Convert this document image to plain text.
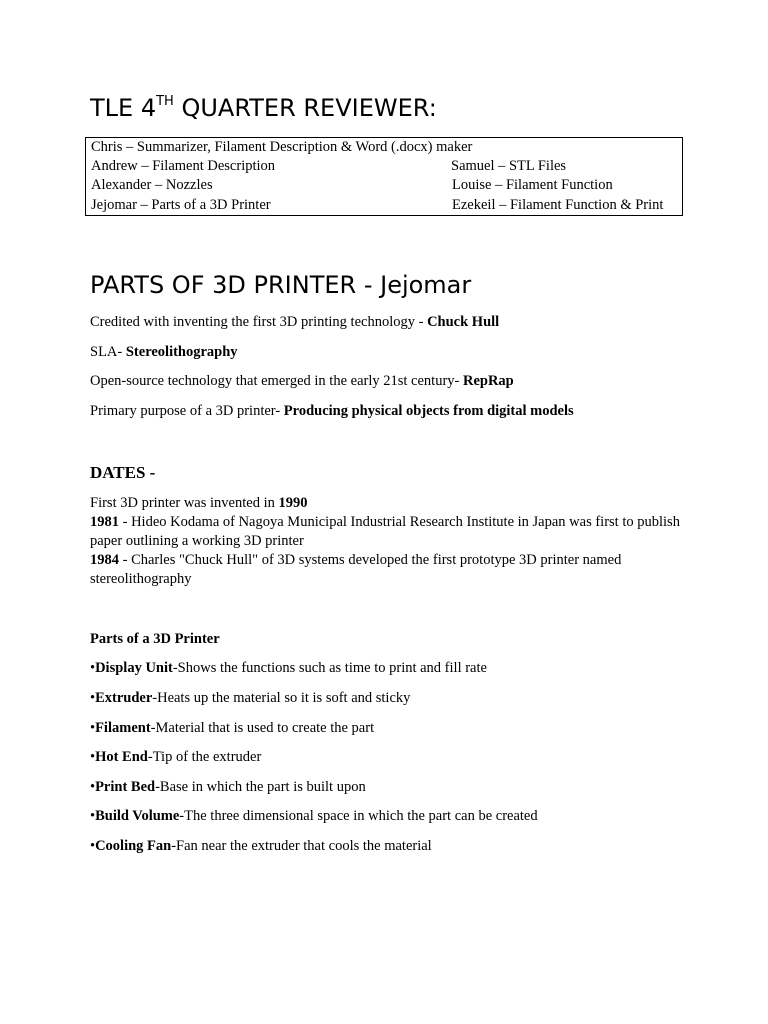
TLE 4TH QUARTER REVIEWER:
Chris – Summarizer, Filament Description & Word (.docx) maker
Andrew – Filament Description	Samuel – STL Files
Alexander – Nozzles	Louise – Filament Function
Jejomar – Parts of a 3D Printer	Ezekeil – Filament Function & Print
PARTS OF 3D PRINTER - Jejomar

Credited with inventing the first 3D printing technology - Chuck Hull

SLA- Stereolithography

Open-source technology that emerged in the early 21st century- RepRap

Primary purpose of a 3D printer- Producing physical objects from digital models

DATES -

First 3D printer was invented in 1990

1981 - Hideo Kodama of Nagoya Municipal Industrial Research Institute in Japan was first to publish paper outlining a working 3D printer

1984 - Charles "Chuck Hull" of 3D systems developed the first prototype 3D printer named stereolithography

Parts of a 3D Printer

•Display Unit-Shows the functions such as time to print and fill rate

•Extruder-Heats up the material so it is soft and sticky

•Filament-Material that is used to create the part

•Hot End-Tip of the extruder

•Print Bed-Base in which the part is built upon

•Build Volume-The three dimensional space in which the part can be created

•Cooling Fan-Fan near the extruder that cools the material
